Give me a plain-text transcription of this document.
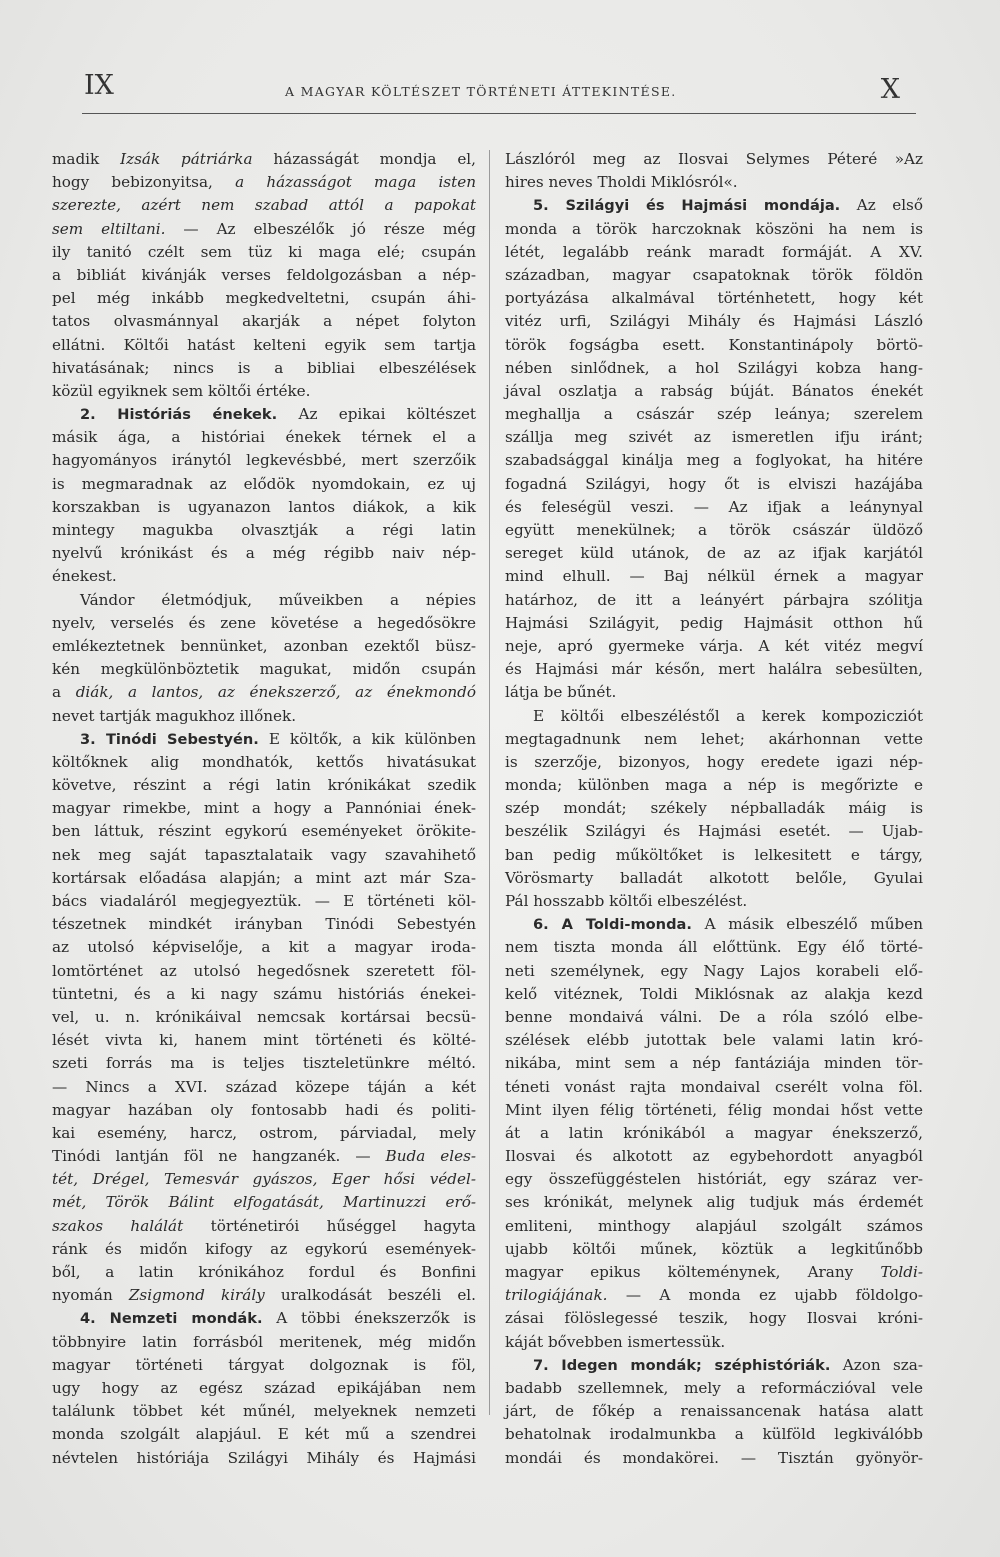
IX	A MAGYAR KÖLTÉSZET TÖRTÉNETI ÁTTEKINTÉSE.	X
madik Izsák pátriárka házasságát mondja el,
hogy bebizonyitsa, a házasságot maga isten
szerezte, azért nem szabad attól a papokat
sem eltiltani. — Az elbeszélők jó része még
ily tanitó czélt sem tüz ki maga elé; csupán
a bibliát kivánják verses feldolgozásban a nép-
pel még inkább megkedveltetni, csupán áhi-
tatos olvasmánnyal akarják a népet folyton
ellátni. Költői hatást kelteni egyik sem tartja
hivatásának; nincs is a bibliai elbeszélések
közül egyiknek sem költői értéke.
2. Históriás énekek. Az epikai költészet
másik ága, a históriai énekek térnek el a
hagyományos iránytól legkevésbbé, mert szerzőik
is megmaradnak az elődök nyomdokain, ez uj
korszakban is ugyanazon lantos diákok, a kik
mintegy magukba olvasztják a régi latin
nyelvű krónikást és a még régibb naiv nép-
énekest.
Vándor életmódjuk, műveikben a népies
nyelv, verselés és zene követése a hegedősökre
emlékeztetnek bennünket, azonban ezektől büsz-
kén megkülönböztetik magukat, midőn csupán
a diák, a lantos, az énekszerző, az énekmondó
nevet tartják magukhoz illőnek.
3. Tinódi Sebestyén. E költők, a kik különben
költőknek alig mondhatók, kettős hivatásukat
követve, részint a régi latin krónikákat szedik
magyar rimekbe, mint a hogy a Pannóniai ének-
ben láttuk, részint egykorú eseményeket örökite-
nek meg saját tapasztalataik vagy szavahihető
kortársak előadása alapján; a mint azt már Sza-
bács viadaláról megjegyeztük. — E történeti köl-
tészetnek mindkét irányban Tinódi Sebestyén
az utolsó képviselője, a kit a magyar iroda-
lomtörténet az utolsó hegedősnek szeretett föl-
tüntetni, és a ki nagy számu históriás énekei-
vel, u. n. krónikáival nemcsak kortársai becsü-
lését vivta ki, hanem mint történeti és költé-
szeti forrás ma is teljes tiszteletünkre méltó.
— Nincs a XVI. század közepe táján a két
magyar hazában oly fontosabb hadi és politi-
kai esemény, harcz, ostrom, párviadal, mely
Tinódi lantján föl ne hangzanék. — Buda eles-
tét, Drégel, Temesvár gyászos, Eger hősi védel-
mét, Török Bálint elfogatását, Martinuzzi erő-
szakos halálát történetirói hűséggel hagyta
ránk és midőn kifogy az egykorú események-
ből, a latin krónikához fordul és Bonfini
nyomán Zsigmond király uralkodását beszéli el.
4. Nemzeti mondák. A többi énekszerzők is
többnyire latin forrásból meritenek, még midőn
magyar történeti tárgyat dolgoznak is föl,
ugy hogy az egész század epikájában nem
találunk többet két műnél, melyeknek nemzeti
monda szolgált alapjául. E két mű a szendrei
névtelen históriája Szilágyi Mihály és Hajmási
Lászlóról meg az Ilosvai Selymes Péteré »Az
hires neves Tholdi Miklósról«.
5. Szilágyi és Hajmási mondája. Az első
monda a török harczoknak köszöni ha nem is
létét, legalább reánk maradt formáját. A XV.
században, magyar csapatoknak török földön
portyázása alkalmával történhetett, hogy két
vitéz urfi, Szilágyi Mihály és Hajmási László
török fogságba esett. Konstantinápoly börtö-
nében sinlődnek, a hol Szilágyi kobza hang-
jával oszlatja a rabság búját. Bánatos énekét
meghallja a császár szép leánya; szerelem
szállja meg szivét az ismeretlen ifju iránt;
szabadsággal kinálja meg a foglyokat, ha hitére
fogadná Szilágyi, hogy őt is elviszi hazájába
és feleségül veszi. — Az ifjak a leánynyal
együtt menekülnek; a török császár üldöző
sereget küld utánok, de az az ifjak karjától
mind elhull. — Baj nélkül érnek a magyar
határhoz, de itt a leányért párbajra szólitja
Hajmási Szilágyit, pedig Hajmásit otthon hű
neje, apró gyermeke várja. A két vitéz megví
és Hajmási már későn, mert halálra sebesülten,
látja be bűnét.
E költői elbeszéléstől a kerek kompozicziót
megtagadnunk nem lehet; akárhonnan vette
is szerzője, bizonyos, hogy eredete igazi nép-
monda; különben maga a nép is megőrizte e
szép mondát; székely népballadák máig is
beszélik Szilágyi és Hajmási esetét. — Ujab-
ban pedig műköltőket is lelkesitett e tárgy,
Vörösmarty balladát alkotott belőle, Gyulai
Pál hosszabb költői elbeszélést.
6. A Toldi-monda. A másik elbeszélő műben
nem tiszta monda áll előttünk. Egy élő törté-
neti személynek, egy Nagy Lajos korabeli elő-
kelő vitéznek, Toldi Miklósnak az alakja kezd
benne mondaivá válni. De a róla szóló elbe-
szélések elébb jutottak bele valami latin kró-
nikába, mint sem a nép fantáziája minden tör-
téneti vonást rajta mondaival cserélt volna föl.
Mint ilyen félig történeti, félig mondai hőst vette
át a latin krónikából a magyar énekszerző,
Ilosvai és alkotott az egybehordott anyagból
egy összefüggéstelen históriát, egy száraz ver-
ses krónikát, melynek alig tudjuk más érdemét
emliteni, minthogy alapjául szolgált számos
ujabb költői műnek, köztük a legkitűnőbb
magyar epikus költeménynek, Arany Toldi-
trilogiájának. — A monda ez ujabb földolgo-
zásai fölöslegessé teszik, hogy Ilosvai króni-
káját bővebben ismertessük.
7. Idegen mondák; széphistóriák. Azon sza-
badabb szellemnek, mely a reformáczióval vele
járt, de főkép a renaissancenak hatása alatt
behatolnak irodalmunkba a külföld legkiválóbb
mondái és mondakörei. — Tisztán gyönyör-
